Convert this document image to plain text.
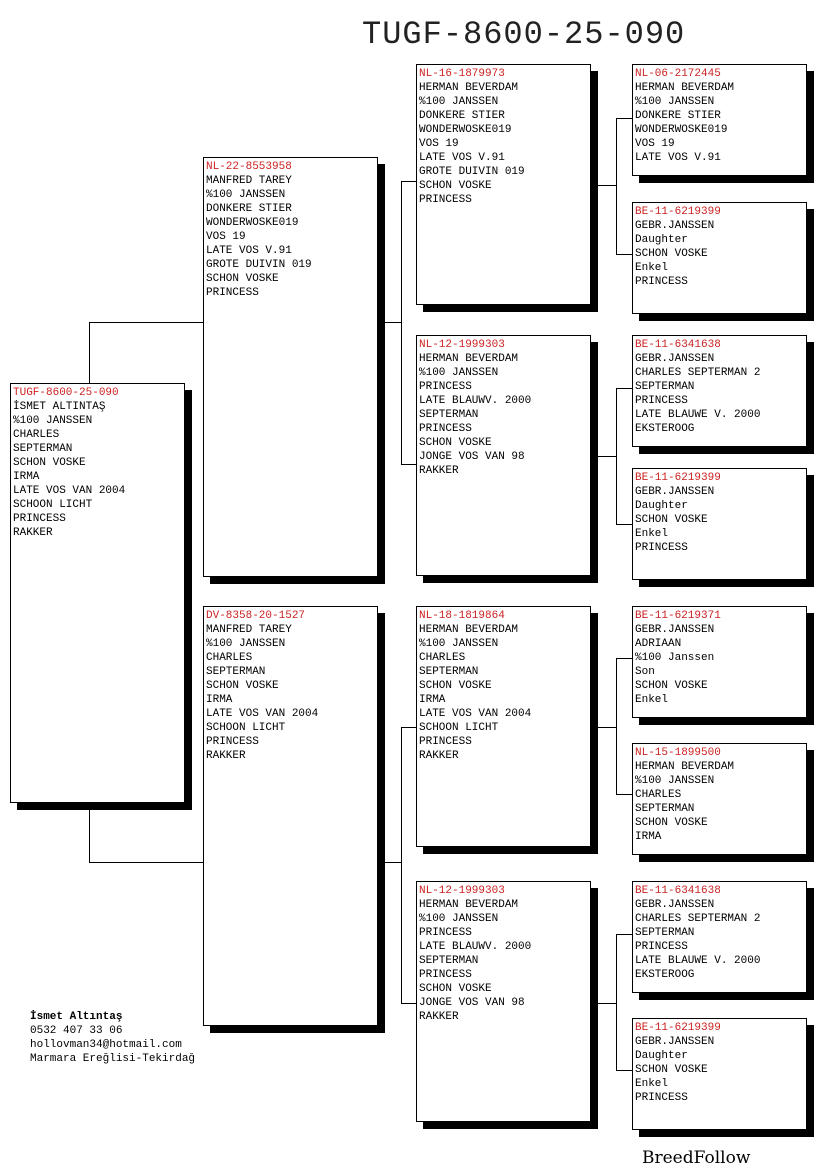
TUGF-8600-25-090
TUGF-8600-25-090
İSMET ALTINTAŞ
%100 JANSSEN
CHARLES
SEPTERMAN
SCHON VOSKE
IRMA
LATE VOS VAN 2004
SCHOON LICHT
PRINCESS
RAKKER
NL-22-8553958
MANFRED TAREY
%100 JANSSEN
DONKERE STIER
WONDERWOSKE019
VOS 19
LATE VOS V.91
GROTE DUIVIN 019
SCHON VOSKE
PRINCESS
DV-8358-20-1527
MANFRED TAREY
%100 JANSSEN
CHARLES
SEPTERMAN
SCHON VOSKE
IRMA
LATE VOS VAN 2004
SCHOON LICHT
PRINCESS
RAKKER
NL-16-1879973
HERMAN BEVERDAM
%100 JANSSEN
DONKERE STIER
WONDERWOSKE019
VOS 19
LATE VOS V.91
GROTE DUIVIN 019
SCHON VOSKE
PRINCESS
NL-12-1999303
HERMAN BEVERDAM
%100 JANSSEN
PRINCESS
LATE BLAUWV. 2000
SEPTERMAN
PRINCESS
SCHON VOSKE
JONGE VOS VAN 98
RAKKER
NL-18-1819864
HERMAN BEVERDAM
%100 JANSSEN
CHARLES
SEPTERMAN
SCHON VOSKE
IRMA
LATE VOS VAN 2004
SCHOON LICHT
PRINCESS
RAKKER
NL-12-1999303
HERMAN BEVERDAM
%100 JANSSEN
PRINCESS
LATE BLAUWV. 2000
SEPTERMAN
PRINCESS
SCHON VOSKE
JONGE VOS VAN 98
RAKKER
NL-06-2172445
HERMAN BEVERDAM
%100 JANSSEN
DONKERE STIER
WONDERWOSKE019
VOS 19
LATE VOS V.91
BE-11-6219399
GEBR.JANSSEN
Daughter
SCHON VOSKE
Enkel
PRINCESS
BE-11-6341638
GEBR.JANSSEN
CHARLES SEPTERMAN 2
SEPTERMAN
PRINCESS
LATE BLAUWE V. 2000
EKSTEROOG
BE-11-6219399
GEBR.JANSSEN
Daughter
SCHON VOSKE
Enkel
PRINCESS
BE-11-6219371
GEBR.JANSSEN
ADRIAAN
%100 Janssen
Son
SCHON VOSKE
Enkel
NL-15-1899500
HERMAN BEVERDAM
%100 JANSSEN
CHARLES
SEPTERMAN
SCHON VOSKE
IRMA
BE-11-6341638
GEBR.JANSSEN
CHARLES SEPTERMAN 2
SEPTERMAN
PRINCESS
LATE BLAUWE V. 2000
EKSTEROOG
BE-11-6219399
GEBR.JANSSEN
Daughter
SCHON VOSKE
Enkel
PRINCESS
İsmet Altıntaş
0532 407 33 06
hollovman34@hotmail.com
Marmara Ereğlisi-Tekirdağ
BreedFollow
